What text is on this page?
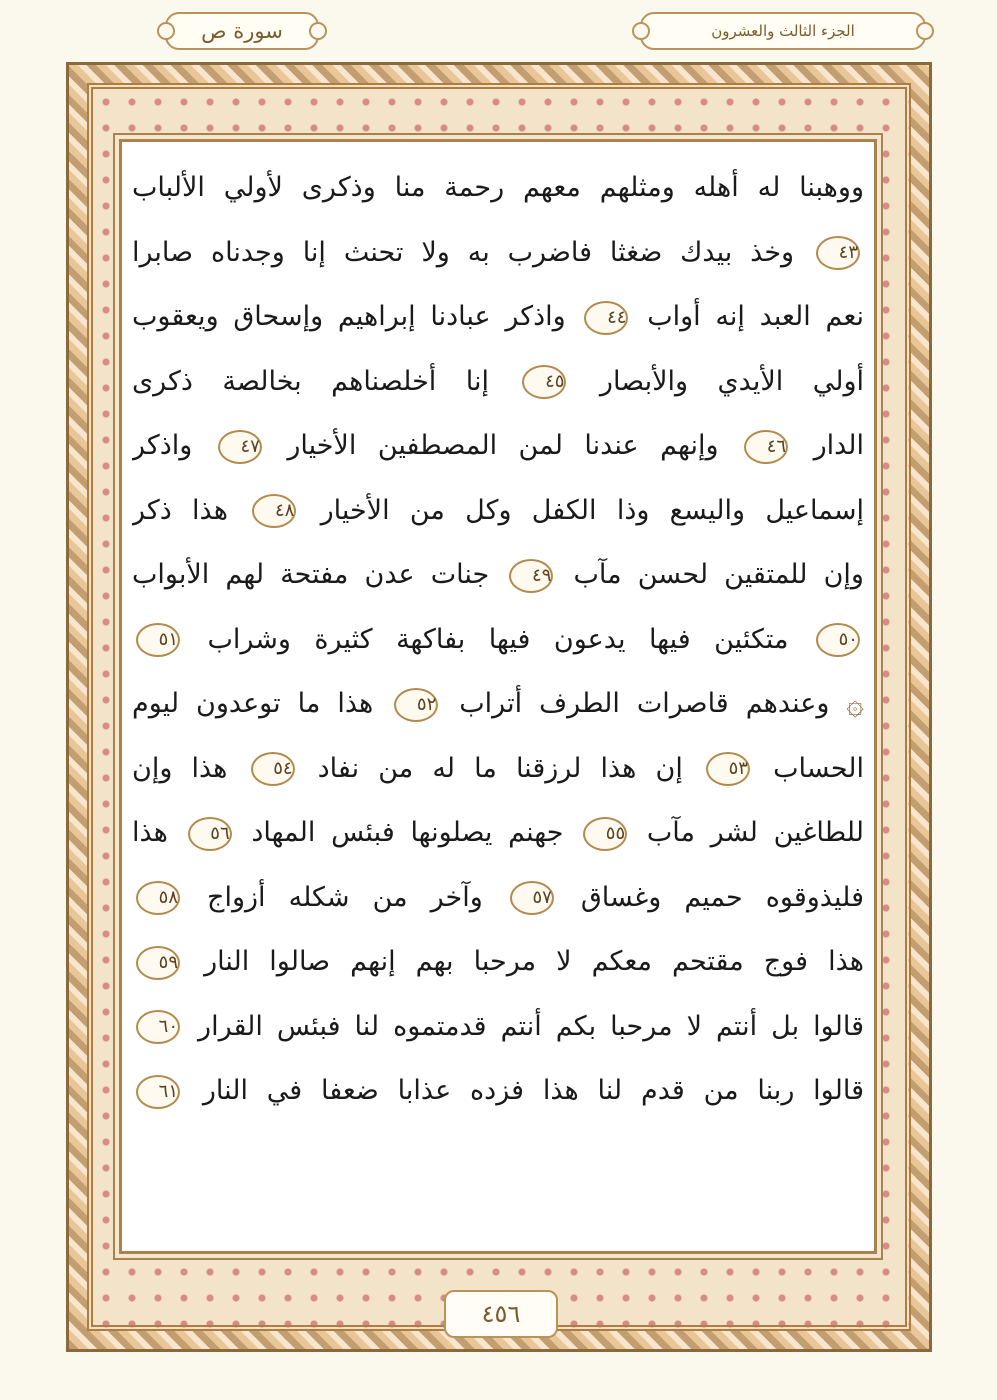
سورة ص	الجزء الثالث والعشرون
ووهبنا له أهله ومثلهم معهم رحمة منا وذكرى لأولي الألباب
٤٣ وخذ بيدك ضغثا فاضرب به ولا تحنث إنا وجدناه صابرا
نعم العبد إنه أواب ٤٤ واذكر عبادنا إبراهيم وإسحاق ويعقوب
أولي الأيدي والأبصار ٤٥ إنا أخلصناهم بخالصة ذكرى
الدار ٤٦ وإنهم عندنا لمن المصطفين الأخيار ٤٧ واذكر
إسماعيل واليسع وذا الكفل وكل من الأخيار ٤٨ هذا ذكر
وإن للمتقين لحسن مآب ٤٩ جنات عدن مفتحة لهم الأبواب
٥٠ متكئين فيها يدعون فيها بفاكهة كثيرة وشراب ٥١
۞ وعندهم قاصرات الطرف أتراب ٥٢ هذا ما توعدون ليوم
الحساب ٥٣ إن هذا لرزقنا ما له من نفاد ٥٤ هذا وإن
للطاغين لشر مآب ٥٥ جهنم يصلونها فبئس المهاد ٥٦ هذا
فليذوقوه حميم وغساق ٥٧ وآخر من شكله أزواج ٥٨
هذا فوج مقتحم معكم لا مرحبا بهم إنهم صالوا النار ٥٩
قالوا بل أنتم لا مرحبا بكم أنتم قدمتموه لنا فبئس القرار ٦٠
قالوا ربنا من قدم لنا هذا فزده عذابا ضعفا في النار ٦١
٤٥٦
